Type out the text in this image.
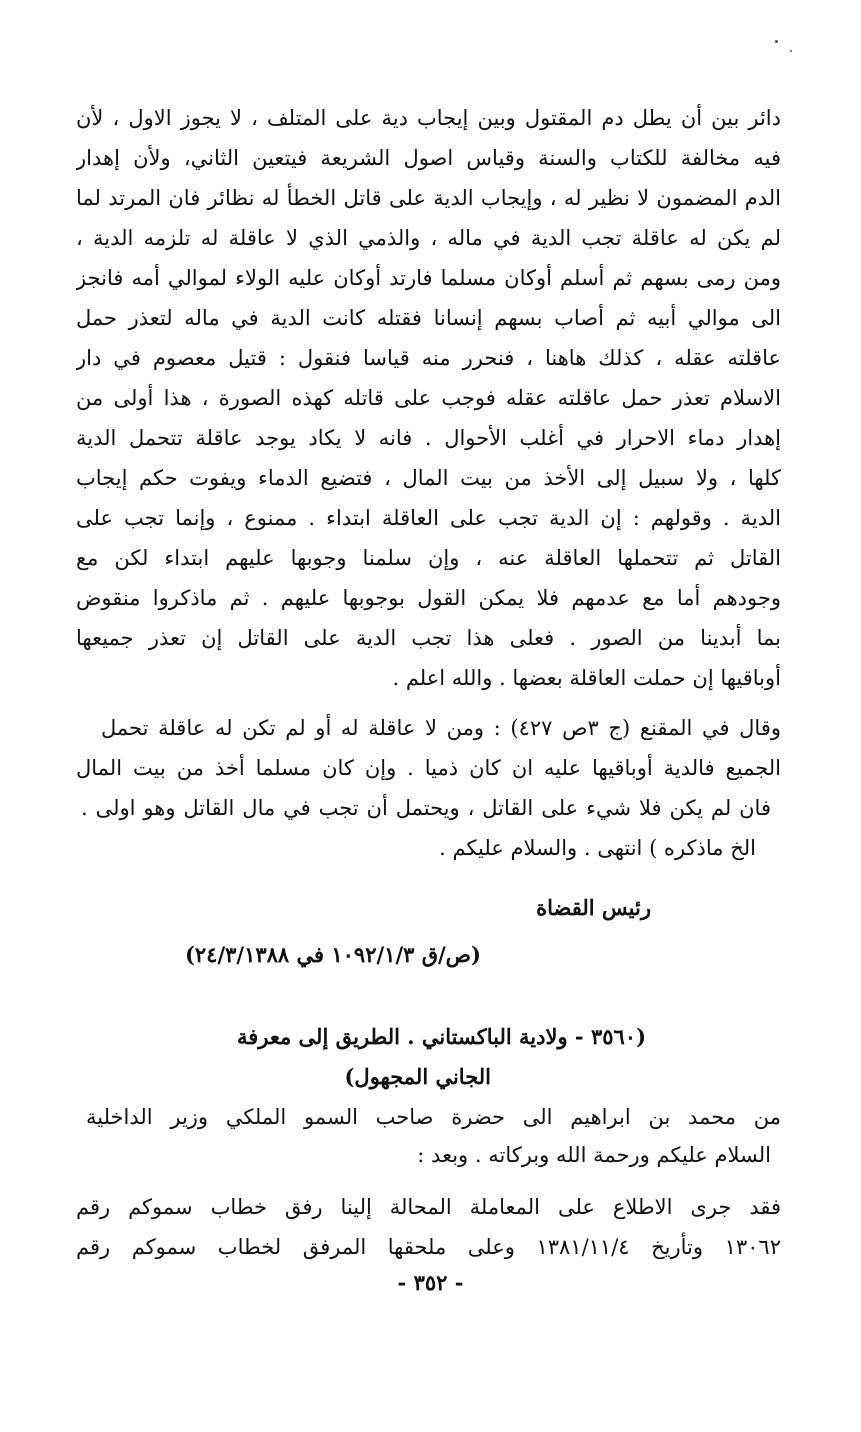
دائر بين أن يطل دم المقتول وبين إيجاب دية على المتلف ، لا يجوز الاول ، لأن
فيه مخالفة للكتاب والسنة وقياس اصول الشريعة فيتعين الثاني، ولأن إهدار
الدم المضمون لا نظير له ، وإيجاب الدية على قاتل الخطأ له نظائر فان المرتد لما
لم يكن له عاقلة تجب الدية في ماله ، والذمي الذي لا عاقلة له تلزمه الدية ،
ومن رمى بسهم ثم أسلم أوكان مسلما فارتد أوكان عليه الولاء لموالي أمه فانجز
الى موالي أبيه ثم أصاب بسهم إنسانا فقتله كانت الدية في ماله لتعذر حمل
عاقلته عقله ، كذلك هاهنا ، فنحرر منه قياسا فنقول : قتيل معصوم في دار
الاسلام تعذر حمل عاقلته عقله فوجب على قاتله كهذه الصورة ، هذا أولى من
إهدار دماء الاحرار في أغلب الأحوال . فانه لا يكاد يوجد عاقلة تتحمل الدية
كلها ، ولا سبيل إلى الأخذ من بيت المال ، فتضيع الدماء ويفوت حكم إيجاب
الدية . وقولهم : إن الدية تجب على العاقلة ابتداء . ممنوع ، وإنما تجب على
القاتل ثم تتحملها العاقلة عنه ، وإن سلمنا وجوبها عليهم ابتداء لكن مع
وجودهم أما مع عدمهم فلا يمكن القول بوجوبها عليهم . ثم ماذكروا منقوض
بما أبدينا من الصور . فعلى هذا تجب الدية على القاتل إن تعذر جميعها
أوباقيها إن حملت العاقلة بعضها . والله اعلم .
وقال في المقنع (ج ٣ص ٤٢٧) : ومن لا عاقلة له أو لم تكن له عاقلة تحمل
الجميع فالدية أوباقيها عليه ان كان ذميا . وإن كان مسلما أخذ من بيت المال
فان لم يكن فلا شيء على القاتل ، ويحتمل أن تجب في مال القاتل وهو اولى .
الخ ماذكره ) انتهى . والسلام عليكم .
رئيس القضاة
(ص/ق ١٠٩٢/١/٣ في ٢٤/٣/١٣٨٨)
(٣٥٦٠ - ولادية الباكستاني . الطريق إلى معرفة
الجاني المجهول)
من محمد بن ابراهيم الى حضرة صاحب السمو الملكي وزير الداخلية
السلام عليكم ورحمة الله وبركاته . وبعد :
فقد جرى الاطلاع على المعاملة المحالة إلينا رفق خطاب سموكم رقم
١٣٠٦٢ وتأريخ ١٣٨١/١١/٤ وعلى ملحقها المرفق لخطاب سموكم رقم
- ٣٥٢ -
